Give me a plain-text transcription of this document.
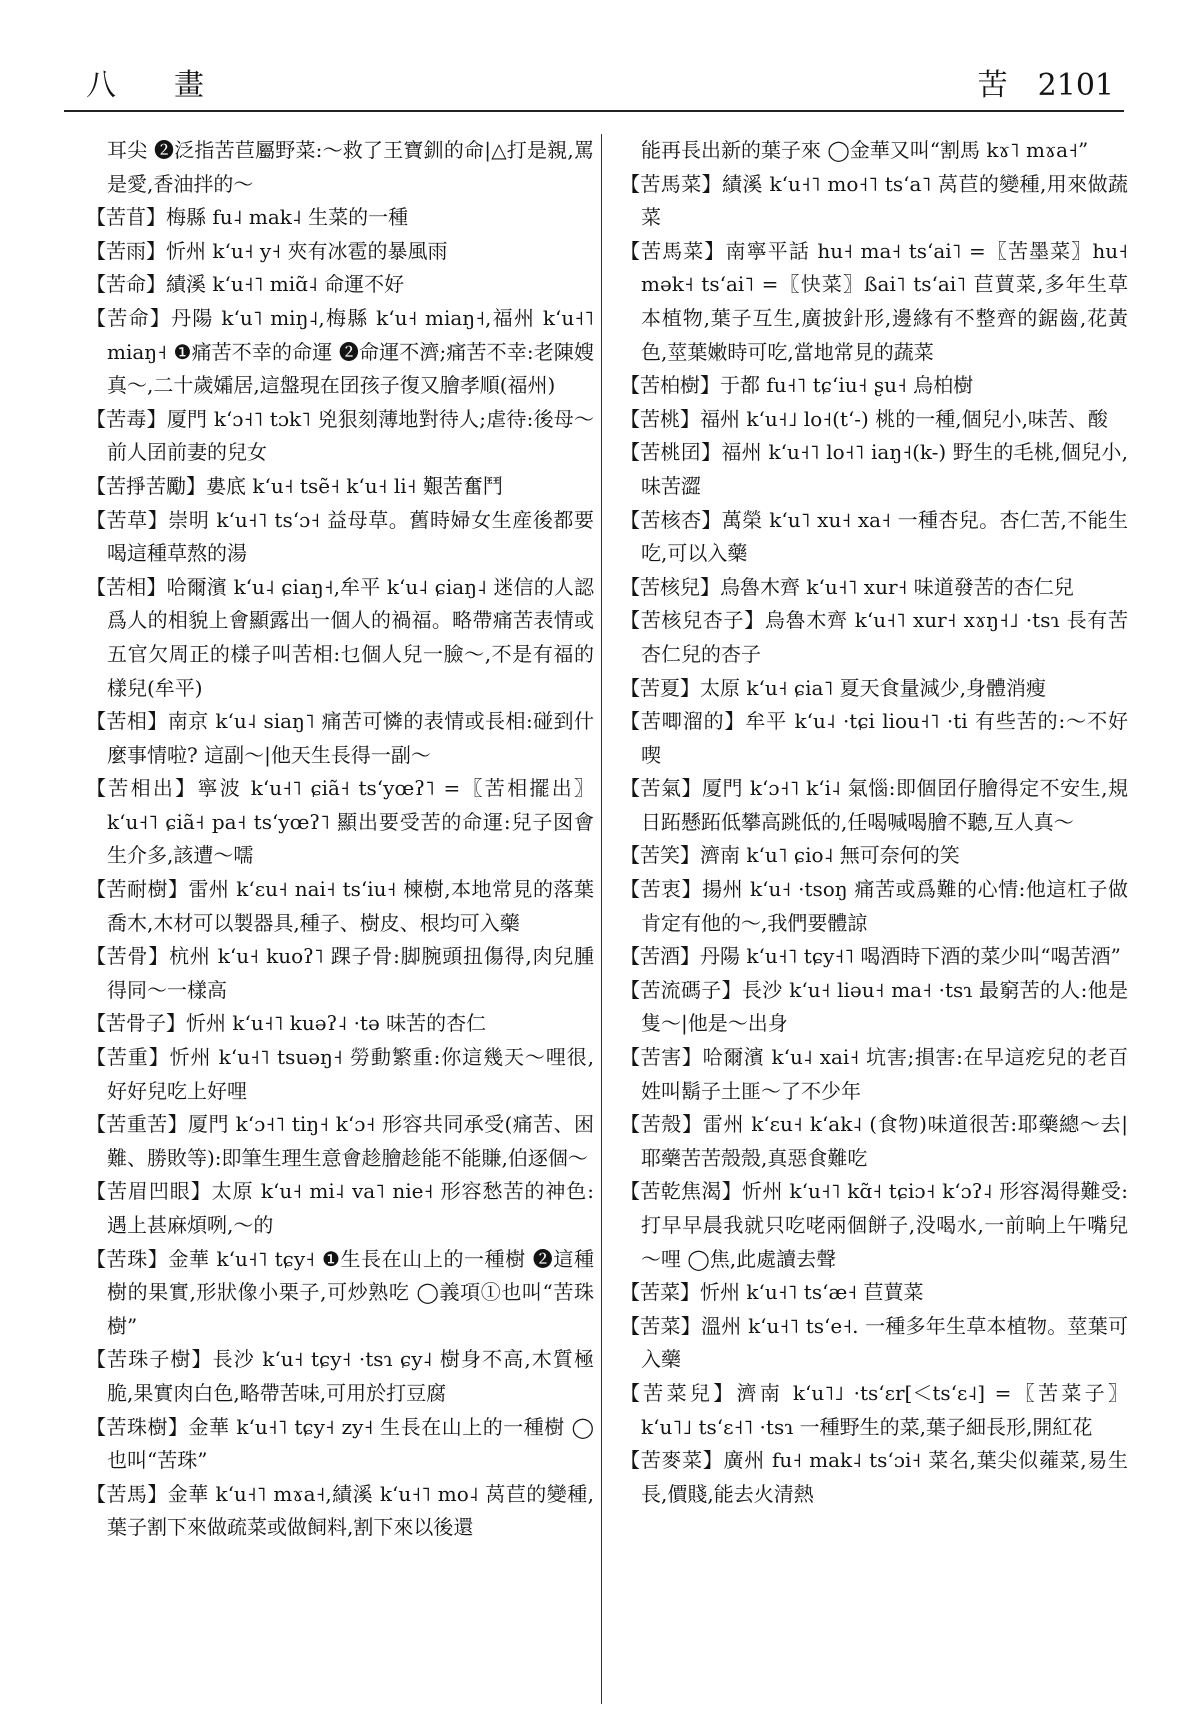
八　畫	苦　 2101

耳尖 ❷泛指苦苣屬野菜:～救了王寶釧的命|△打是親,罵是愛,香油拌的～

【苦苜】梅縣 fu˨ mak˨ 生菜的一種

【苦雨】忻州 kʻu˧ y˧ 夾有冰雹的暴風雨

【苦命】績溪 kʻu˧˥ miɑ̃˨ 命運不好

【苦命】丹陽 kʻu˥ miŋ˨,梅縣 kʻu˧ miaŋ˧,福州 kʻu˧˥ miaŋ˧ ❶痛苦不幸的命運 ❷命運不濟;痛苦不幸:老陳嫂真～,二十歲孀居,這盤現在囝孩子復又膾孝順(福州)

【苦毒】厦門 kʻɔ˧˥ tɔk˥ 兇狠刻薄地對待人;虐待:後母～前人囝前妻的兒女

【苦掙苦勵】婁底 kʻu˧ tsẽ˧ kʻu˧ li˧ 艱苦奮鬥

【苦草】崇明 kʻu˧˥ tsʻɔ˧ 益母草。舊時婦女生産後都要喝這種草熬的湯

【苦相】哈爾濱 kʻu˨ ɕiaŋ˧,牟平 kʻu˨ ɕiaŋ˨ 迷信的人認爲人的相貌上會顯露出一個人的禍福。略帶痛苦表情或五官欠周正的樣子叫苦相:乜個人兒一臉～,不是有福的樣兒(牟平)

【苦相】南京 kʻu˨ siaŋ˥ 痛苦可憐的表情或長相:碰到什麼事情啦? 這副～|他天生長得一副～

【苦相出】寧波 kʻu˧˥ ɕiã˧ tsʻyœʔ˥ =〖苦相擺出〗kʻu˧˥ ɕiã˧ pa˧ tsʻyœʔ˥ 顯出要受苦的命運:兒子囡會生介多,該遭～嚅

【苦耐樹】雷州 kʻɛu˧ nai˧ tsʻiu˧ 楝樹,本地常見的落葉喬木,木材可以製器具,種子、樹皮、根均可入藥

【苦骨】杭州 kʻu˧ kuoʔ˥ 踝子骨:脚腕頭扭傷得,肉兒腫得同～一樣高

【苦骨子】忻州 kʻu˧˥ kuəʔ˨ ·tə 味苦的杏仁

【苦重】忻州 kʻu˧˥ tsuəŋ˧ 勞動繁重:你這幾天～哩很,好好兒吃上好哩

【苦重苦】厦門 kʻɔ˧˥ tiŋ˧ kʻɔ˧ 形容共同承受(痛苦、困難、勝敗等):即筆生理生意會趁膾趁能不能賺,伯逐個～

【苦眉凹眼】太原 kʻu˧ mi˨ va˥ nie˧ 形容愁苦的神色:遇上甚麻煩咧,～的

【苦珠】金華 kʻu˧˥ tɕy˧ ❶生長在山上的一種樹 ❷這種樹的果實,形狀像小栗子,可炒熟吃 ◯義項①也叫“苦珠樹”

【苦珠子樹】長沙 kʻu˧ tɕy˧ ·tsɿ ɕy˨ 樹身不高,木質極脆,果實肉白色,略帶苦味,可用於打豆腐

【苦珠樹】金華 kʻu˧˥ tɕy˧ zy˧ 生長在山上的一種樹 ◯也叫“苦珠”

【苦馬】金華 kʻu˧˥ mɤa˧,績溪 kʻu˧˥ mo˨ 莴苣的變種,葉子割下來做疏菜或做飼料,割下來以後還

能再長出新的葉子來 ◯金華又叫“割馬 kɤ˥ mɤa˧”

【苦馬菜】績溪 kʻu˧˥ mo˧˥ tsʻa˥ 莴苣的變種,用來做蔬菜

【苦馬菜】南寧平話 hu˧ ma˧ tsʻai˥ =〖苦墨菜〗hu˧ mək˧ tsʻai˥ =〖快菜〗ßai˥ tsʻai˥ 苣蕒菜,多年生草本植物,葉子互生,廣披針形,邊緣有不整齊的鋸齒,花黃色,莖葉嫩時可吃,當地常見的蔬菜

【苦柏樹】于都 fu˧˥ tɕʻiu˧ ʂu˧ 烏柏樹

【苦桃】福州 kʻu˧˩ lo˧(tʻ-) 桃的一種,個兒小,味苦、酸

【苦桃囝】福州 kʻu˧˥ lo˧˥ iaŋ˧(k-) 野生的毛桃,個兒小,味苦澀

【苦核杏】萬榮 kʻu˥ xu˧ xa˧ 一種杏兒。杏仁苦,不能生吃,可以入藥

【苦核兒】烏魯木齊 kʻu˧˥ xur˧ 味道發苦的杏仁兒

【苦核兒杏子】烏魯木齊 kʻu˧˥ xur˧ xɤŋ˧˩ ·tsɿ 長有苦杏仁兒的杏子

【苦夏】太原 kʻu˧ ɕia˥ 夏天食量減少,身體消瘦

【苦唧溜的】牟平 kʻu˨ ·tɕi liou˧˥ ·ti 有些苦的:～不好喫

【苦氣】厦門 kʻɔ˧˥ kʻi˨ 氣惱:即個囝仔膾得定不安生,規日跖懸跖低攀高跳低的,任喝喊喝膾不聽,互人真～

【苦笑】濟南 kʻu˥ ɕio˨ 無可奈何的笑

【苦衷】揚州 kʻu˧ ·tsoŋ 痛苦或爲難的心情:他這杠子做肯定有他的～,我們要體諒

【苦酒】丹陽 kʻu˧˥ tɕy˧˥ 喝酒時下酒的菜少叫“喝苦酒”

【苦流碼子】長沙 kʻu˧ liəu˧ ma˧ ·tsɿ 最窮苦的人:他是隻～|他是～出身

【苦害】哈爾濱 kʻu˨ xai˧ 坑害;損害:在早這疙兒的老百姓叫鬍子土匪～了不少年

【苦殼】雷州 kʻɛu˧ kʻak˨ (食物)味道很苦:耶藥總～去|耶藥苦苦殼殼,真惡食難吃

【苦乾焦渴】忻州 kʻu˧˥ kɑ̃˧ tɕiɔ˧ kʻɔʔ˨ 形容渴得難受:打早早晨我就只吃咾兩個餅子,没喝水,一前晌上午嘴兒～哩 ◯焦,此處讀去聲

【苦菜】忻州 kʻu˧˥ tsʻæ˧ 苣蕒菜

【苦菜】溫州 kʻu˧˥ tsʻe˧. 一種多年生草本植物。莖葉可入藥

【苦菜兒】濟南 kʻu˥˩ ·tsʻɛr[＜tsʻɛ˨] =〖苦菜子〗kʻu˥˩ tsʻɛ˧˥ ·tsɿ 一種野生的菜,葉子細長形,開紅花

【苦麥菜】廣州 fu˧ mak˨ tsʻɔi˧ 菜名,葉尖似蕹菜,易生長,價賤,能去火清熱
